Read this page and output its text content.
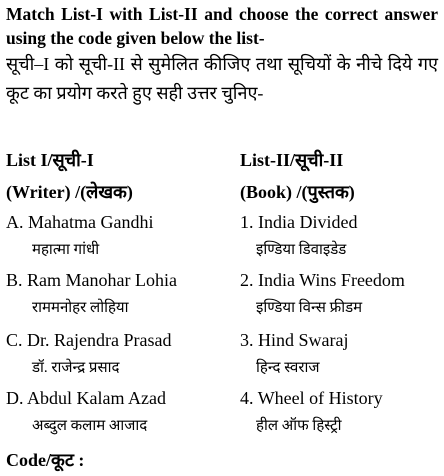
Match List-I with List-II and choose the correct answer using the code given below the list-
सूची–I को सूची-II से सुमेलित कीजिए तथा सूचियों के नीचे दिये गए कूट का प्रयोग करते हुए सही उत्तर चुनिए-
List I/सूची-I	List-II/सूची-II
(Writer) /(लेखक)	(Book) /(पुस्तक)
A. Mahatma Gandhi	1. India Divided
महात्मा गांधी	इण्डिया डिवाइडेड
B. Ram Manohar Lohia	2. India Wins Freedom
राममनोहर लोहिया	इण्डिया विन्स फ्रीडम
C. Dr. Rajendra Prasad	3. Hind Swaraj
डॉ. राजेन्द्र प्रसाद	हिन्द स्वराज
D. Abdul Kalam Azad	4. Wheel of History
अब्दुल कलाम आजाद	हील ऑफ हिस्ट्री
Code/कूट :
